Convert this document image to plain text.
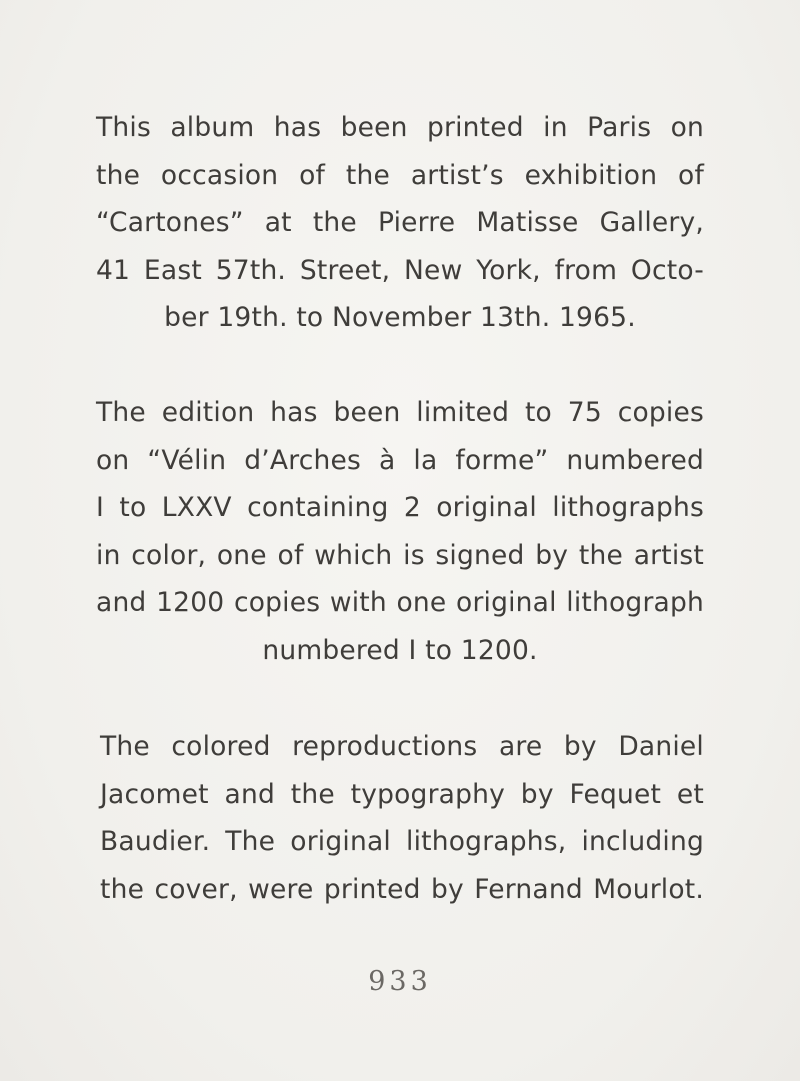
This album has been printed in Paris on
the occasion of the artist’s exhibition of
“Cartones” at the Pierre Matisse Gallery,
41 East 57th. Street, New York, from Octo-
ber 19th. to November 13th. 1965.
The edition has been limited to 75 copies
on “Vélin d’Arches à la forme” numbered
I to LXXV containing 2 original lithographs
in color, one of which is signed by the artist
and 1200 copies with one original lithograph
numbered I to 1200.
The colored reproductions are by Daniel
Jacomet and the typography by Fequet et
Baudier. The original lithographs, including
the cover, were printed by Fernand Mourlot.
933
